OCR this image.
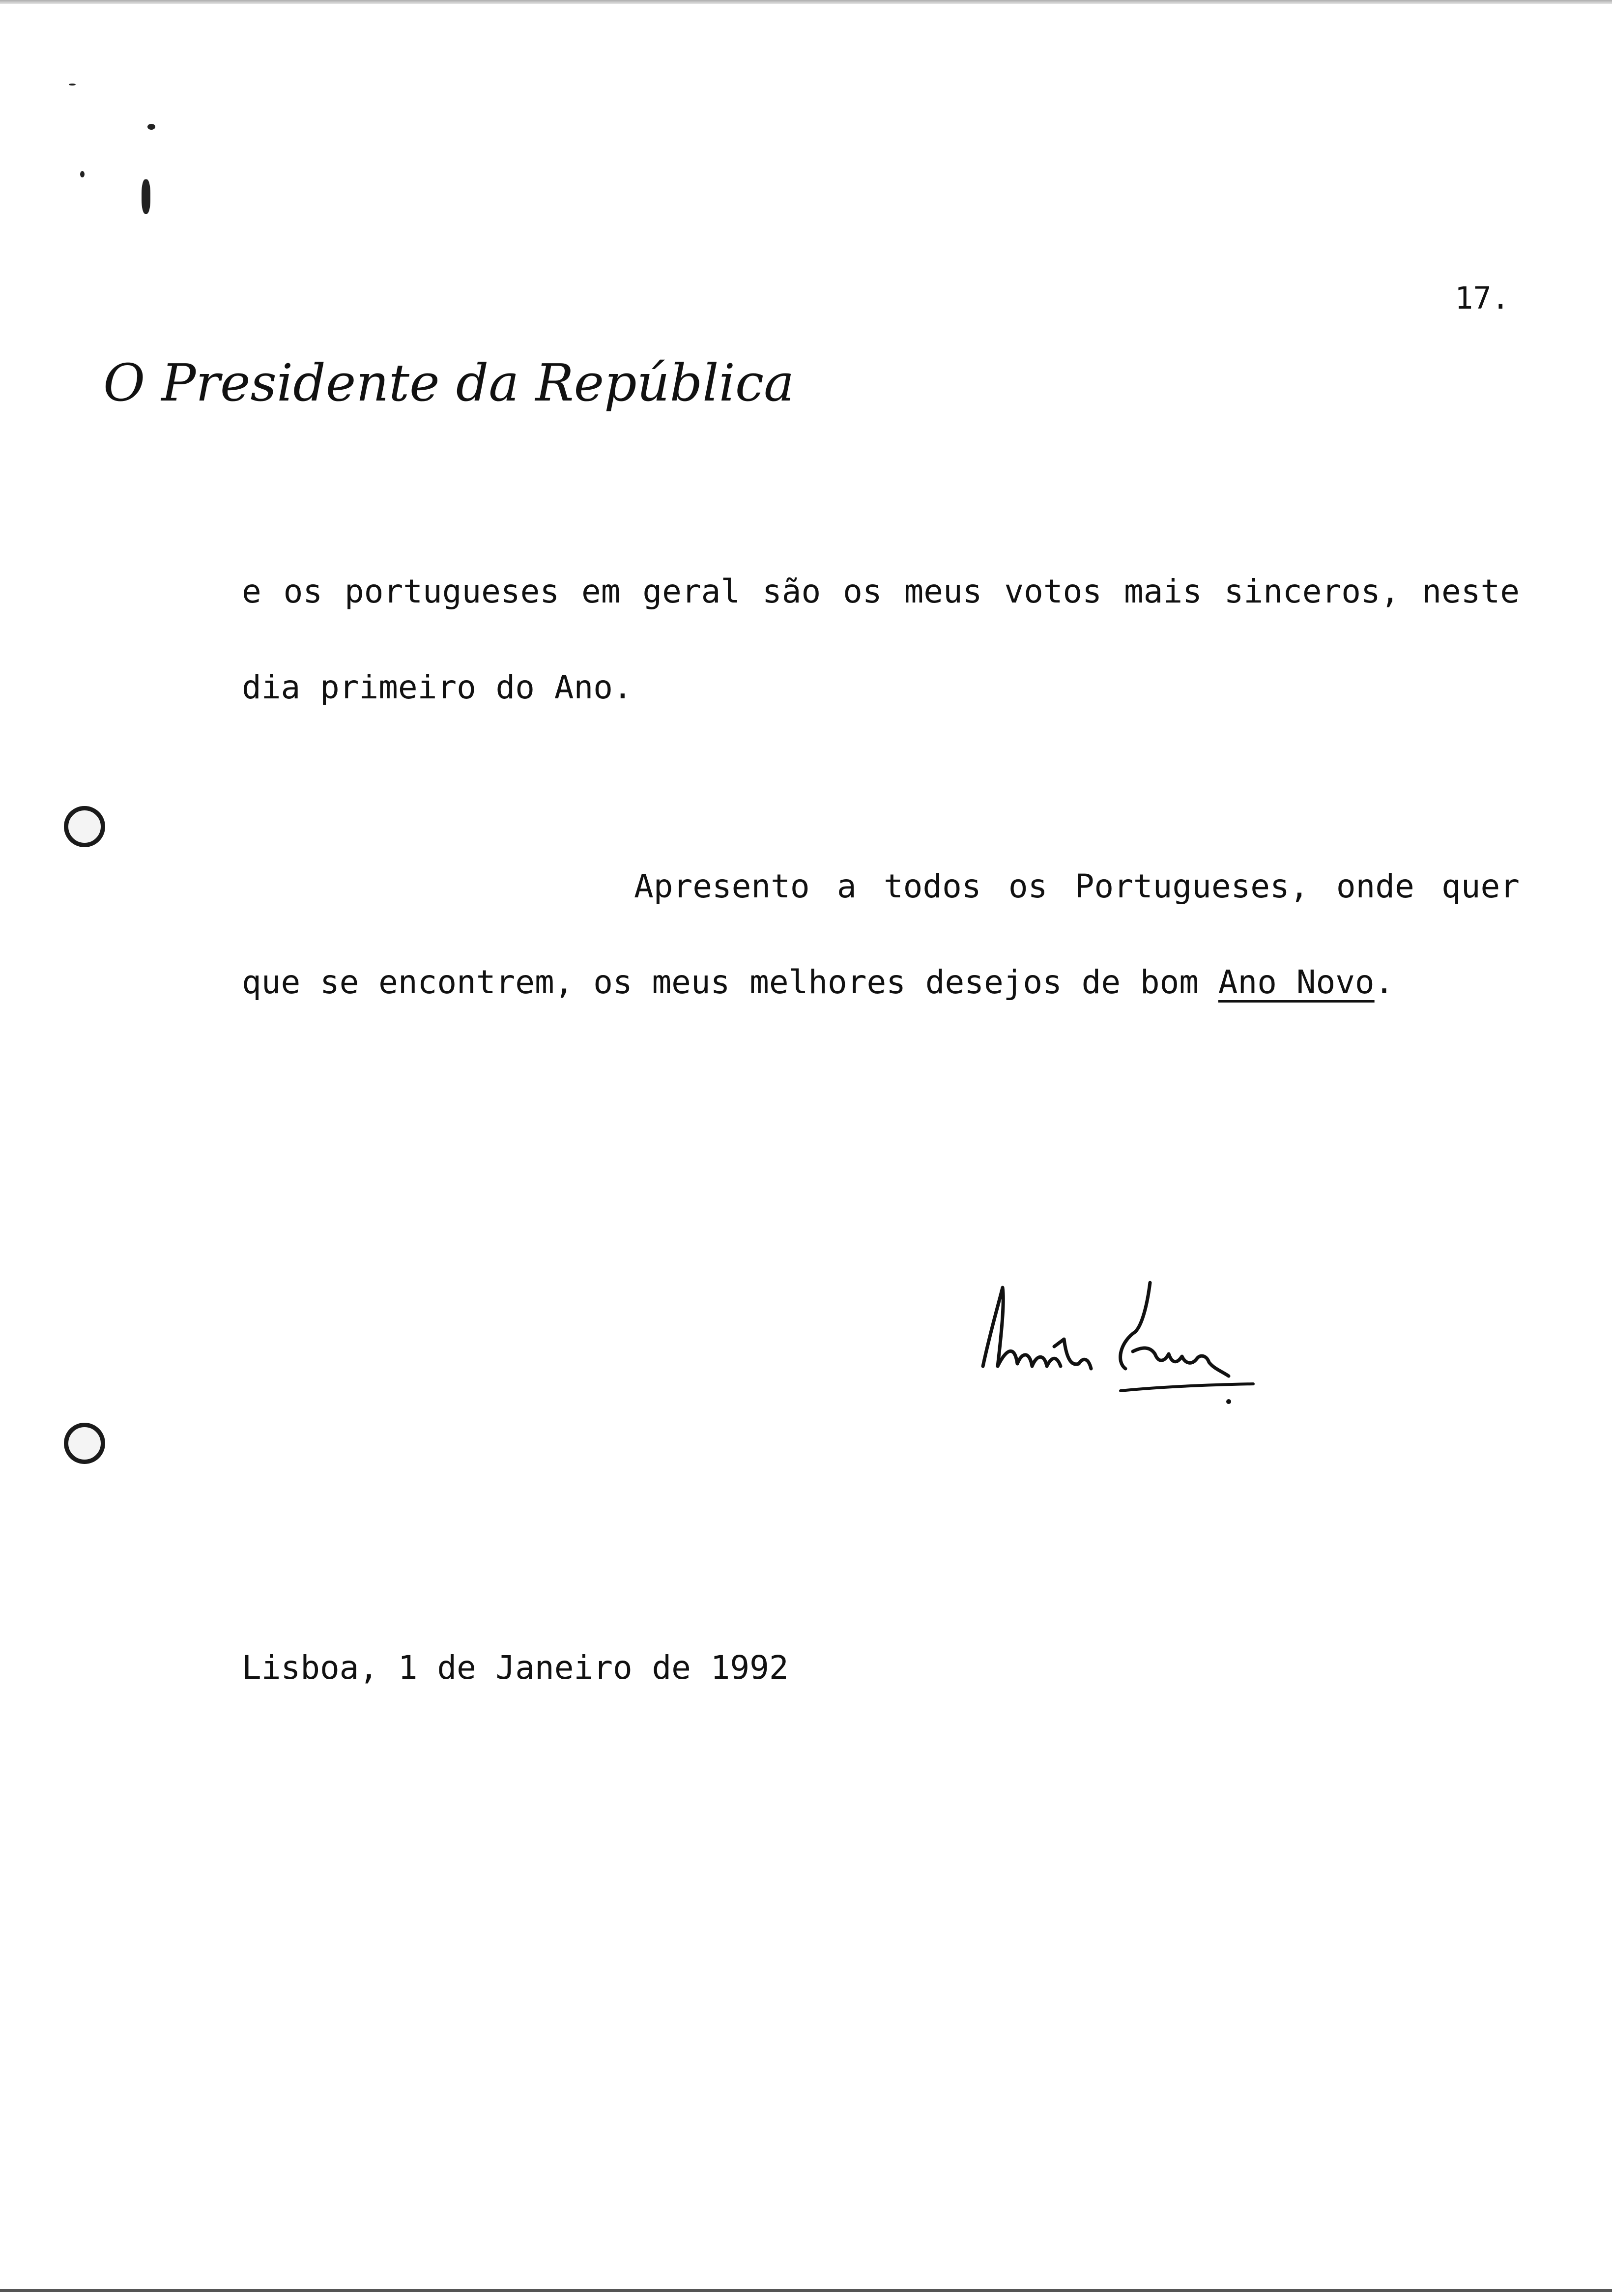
17.
O Presidente da República
e os portugueses em geral são os meus votos mais sinceros, neste
dia primeiro do Ano.
Apresento a todos os Portugueses, onde quer
que se encontrem, os meus melhores desejos de bom Ano Novo.
Lisboa, 1 de Janeiro de 1992
